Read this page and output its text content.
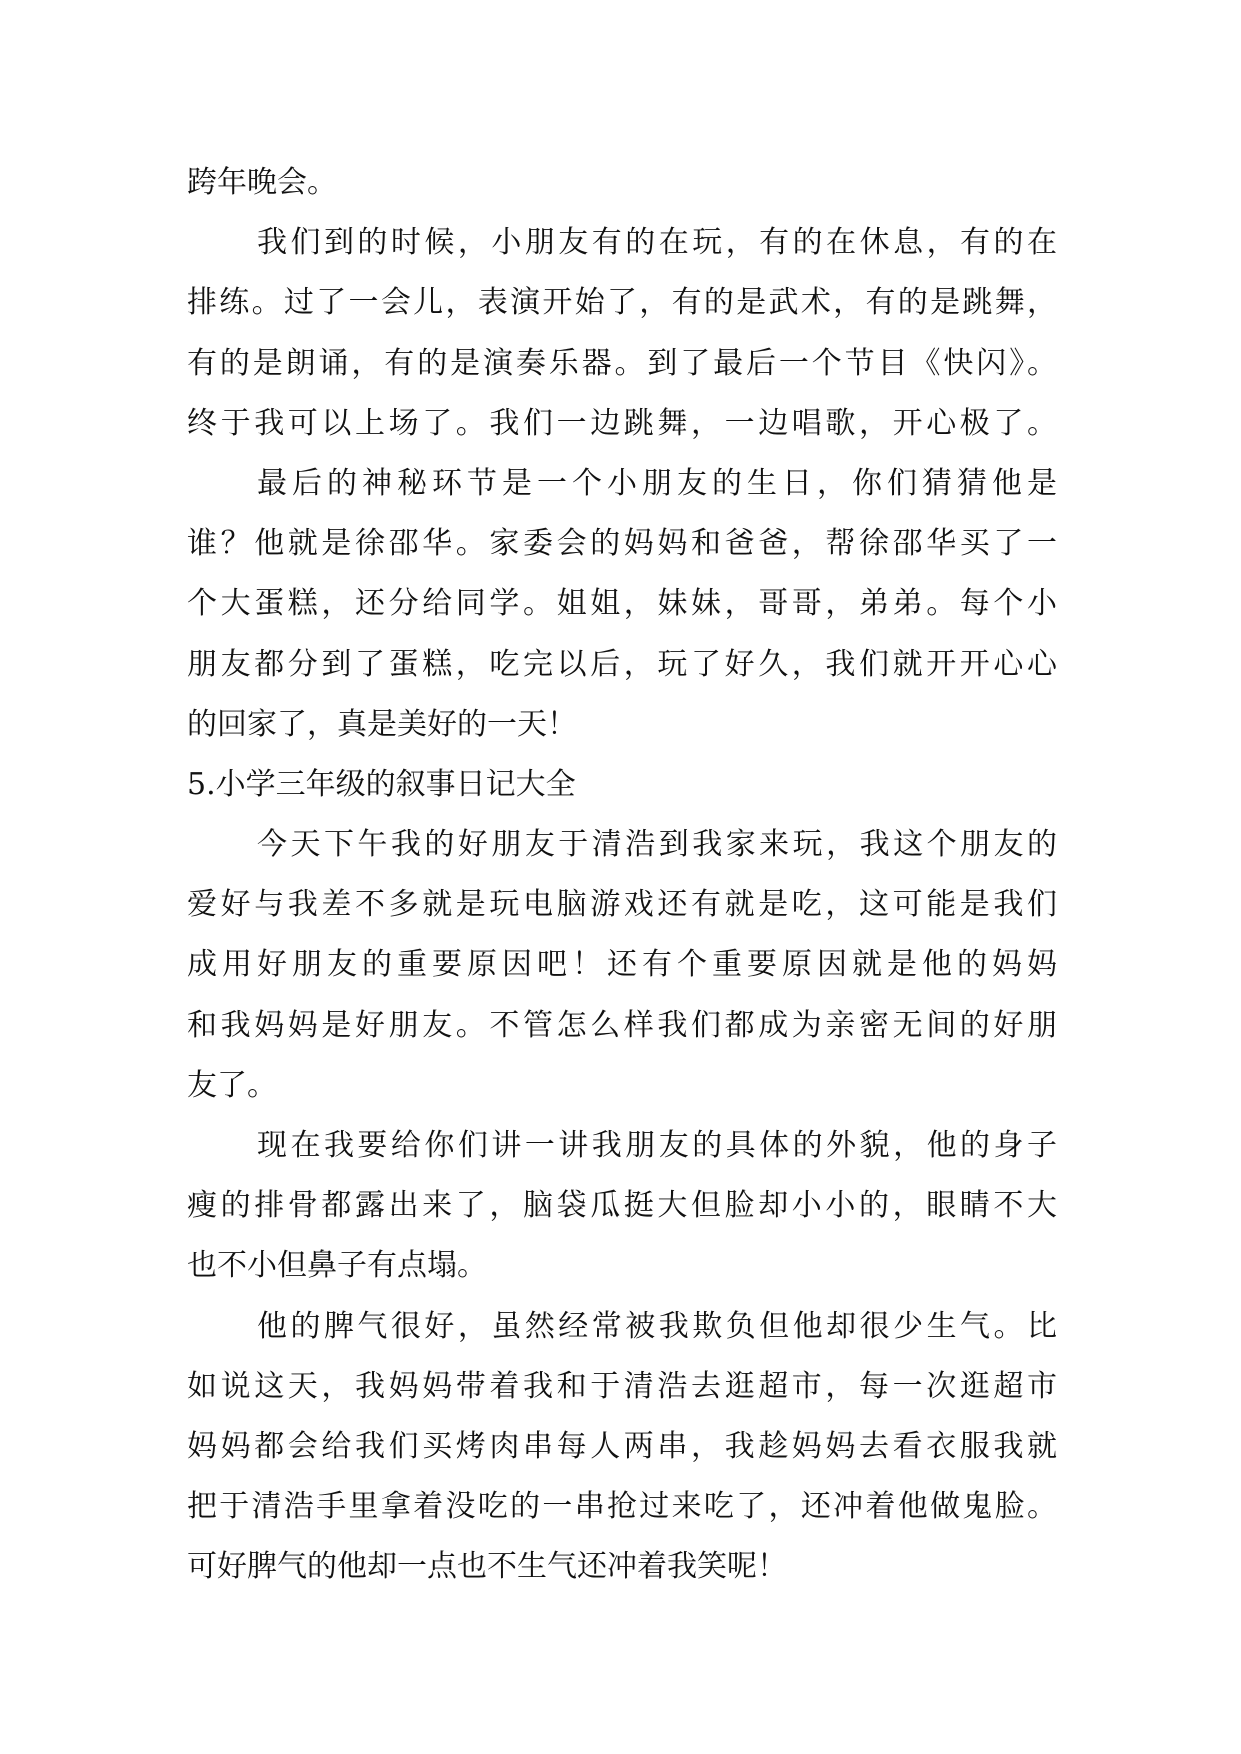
跨年晚会。
我们到的时候，小朋友有的在玩，有的在休息，有的在
排练。过了一会儿，表演开始了，有的是武术，有的是跳舞，
有的是朗诵，有的是演奏乐器。到了最后一个节目《快闪》。
终于我可以上场了。我们一边跳舞，一边唱歌，开心极了。
最后的神秘环节是一个小朋友的生日，你们猜猜他是
谁？他就是徐邵华。家委会的妈妈和爸爸，帮徐邵华买了一
个大蛋糕，还分给同学。姐姐，妹妹，哥哥，弟弟。每个小
朋友都分到了蛋糕，吃完以后，玩了好久，我们就开开心心
的回家了，真是美好的一天！
5.小学三年级的叙事日记大全
今天下午我的好朋友于清浩到我家来玩，我这个朋友的
爱好与我差不多就是玩电脑游戏还有就是吃，这可能是我们
成用好朋友的重要原因吧！还有个重要原因就是他的妈妈
和我妈妈是好朋友。不管怎么样我们都成为亲密无间的好朋
友了。
现在我要给你们讲一讲我朋友的具体的外貌，他的身子
瘦的排骨都露出来了，脑袋瓜挺大但脸却小小的，眼睛不大
也不小但鼻子有点塌。
他的脾气很好，虽然经常被我欺负但他却很少生气。比
如说这天，我妈妈带着我和于清浩去逛超市，每一次逛超市
妈妈都会给我们买烤肉串每人两串，我趁妈妈去看衣服我就
把于清浩手里拿着没吃的一串抢过来吃了，还冲着他做鬼脸。
可好脾气的他却一点也不生气还冲着我笑呢！
